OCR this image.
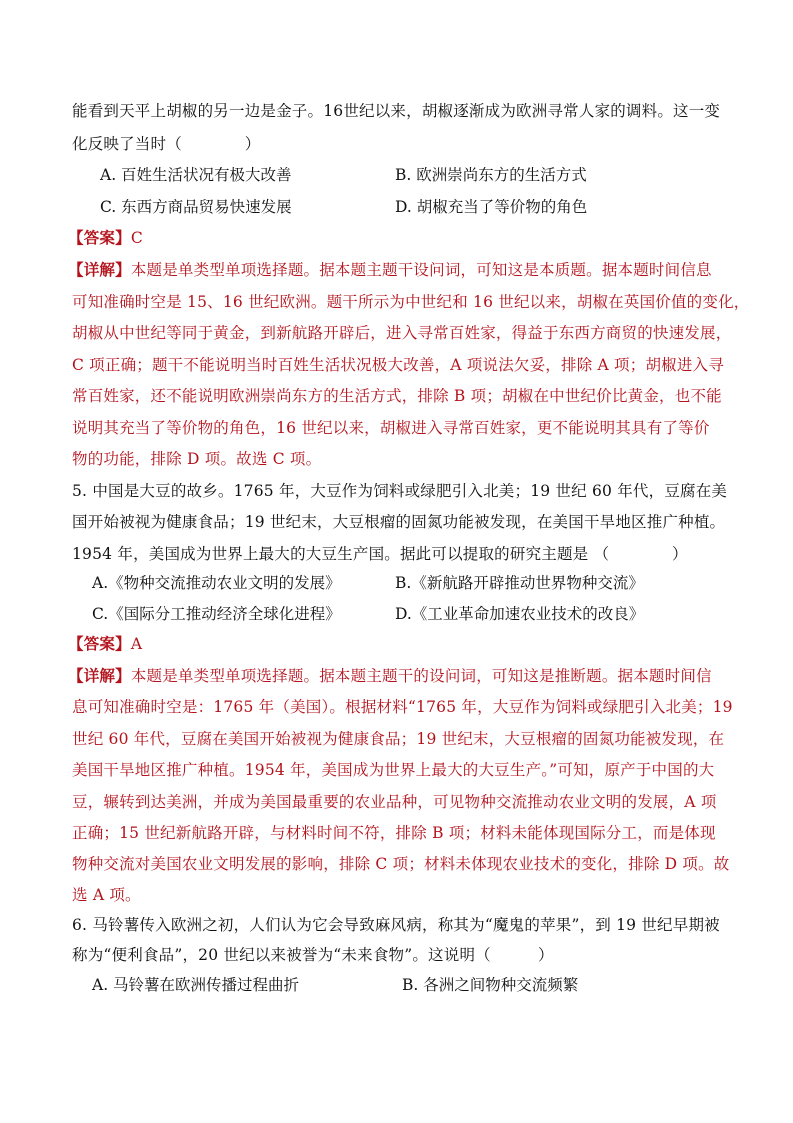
能看到天平上胡椒的另一边是金子。16世纪以来，胡椒逐渐成为欧洲寻常人家的调料。这一变
化反映了当时（　　　　）
A. 百姓生活状况有极大改善	B. 欧洲崇尚东方的生活方式
C. 东西方商品贸易快速发展	D. 胡椒充当了等价物的角色
【答案】C
【详解】本题是单类型单项选择题。据本题主题干设问词，可知这是本质题。据本题时间信息
可知准确时空是 15、16 世纪欧洲。题干所示为中世纪和 16 世纪以来，胡椒在英国价值的变化，
胡椒从中世纪等同于黄金，到新航路开辟后，进入寻常百姓家，得益于东西方商贸的快速发展，
C 项正确；题干不能说明当时百姓生活状况极大改善，A 项说法欠妥，排除 A 项；胡椒进入寻
常百姓家，还不能说明欧洲崇尚东方的生活方式，排除 B 项；胡椒在中世纪价比黄金，也不能
说明其充当了等价物的角色，16 世纪以来，胡椒进入寻常百姓家，更不能说明其具有了等价
物的功能，排除 D 项。故选 C 项。
5. 中国是大豆的故乡。1765 年，大豆作为饲料或绿肥引入北美；19 世纪 60 年代，豆腐在美
国开始被视为健康食品；19 世纪末，大豆根瘤的固氮功能被发现，在美国干旱地区推广种植。
1954 年，美国成为世界上最大的大豆生产国。据此可以提取的研究主题是 （　　　　）
A.《物种交流推动农业文明的发展》	B.《新航路开辟推动世界物种交流》
C.《国际分工推动经济全球化进程》	D.《工业革命加速农业技术的改良》
【答案】A
【详解】本题是单类型单项选择题。据本题主题干的设问词，可知这是推断题。据本题时间信
息可知准确时空是：1765 年（美国）。根据材料“1765 年，大豆作为饲料或绿肥引入北美；19
世纪 60 年代，豆腐在美国开始被视为健康食品；19 世纪末，大豆根瘤的固氮功能被发现，在
美国干旱地区推广种植。1954 年，美国成为世界上最大的大豆生产。”可知，原产于中国的大
豆，辗转到达美洲，并成为美国最重要的农业品种，可见物种交流推动农业文明的发展，A 项
正确；15 世纪新航路开辟，与材料时间不符，排除 B 项；材料未能体现国际分工，而是体现
物种交流对美国农业文明发展的影响，排除 C 项；材料未体现农业技术的变化，排除 D 项。故
选 A 项。
6. 马铃薯传入欧洲之初，人们认为它会导致麻风病，称其为“魔鬼的苹果”，到 19 世纪早期被
称为“便利食品”，20 世纪以来被誉为“未来食物”。这说明（　　　）
A. 马铃薯在欧洲传播过程曲折	B. 各洲之间物种交流频繁
